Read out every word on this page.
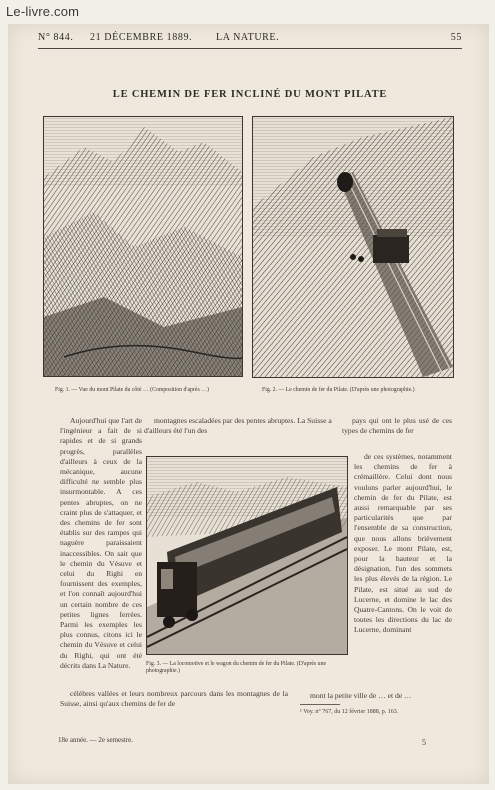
Le-livre.com
N° 844. 21 DÉCEMBRE 1889. LA NATURE.	55
LE CHEMIN DE FER INCLINÉ DU MONT PILATE
Fig. 1. — Vue du mont Pilate du côté … (Composition d'après …)	Fig. 2. — Le chemin de fer du Pilate. (D'après une photographie.)
Fig. 3. — La locomotive et le wagon du chemin de fer du Pilate. (D'après une photographie.)

Aujourd'hui que l'art de l'ingénieur a fait de si rapides et de si grands progrès, parallèles d'ailleurs à ceux de la mécanique, aucune difficulté ne semble plus insurmontable. A ces pentes abruptes, on ne craint plus de s'attaquer, et des chemins de fer sont établis sur des rampes qui naguère paraissaient inaccessibles. On sait que le chemin du Vésuve et celui du Righi en fournissent des exemples, et l'on connaît aujourd'hui un certain nombre de ces petites lignes ferrées. Parmi les exemples les plus connus, citons ici le chemin du Vésuve et celui du Righi, qui ont été décrits dans La Nature.

montagnes escaladées par des pentes abruptes. La Suisse a d'ailleurs été l'un des

pays qui ont le plus usé de ces types de chemins de fer

de ces systèmes, notamment les chemins de fer à crémaillère. Celui dont nous voulons parler aujourd'hui, le chemin de fer du Pilate, est aussi remarquable par ses particularités que par l'ensemble de sa construction, que nous allons brièvement exposer. Le mont Pilate, est, pour la hauteur et la désignation, l'un des sommets les plus élevés de la région. Le Pilate, est situé au sud de Lucerne, et domine le lac des Quatre-Cantons. On le voit de toutes les directions du lac de Lucerne, dominant

célèbres vallées et leurs nombreux parcours dans les montagnes de la Suisse, ainsi qu'aux chemins de fer de

mont la petite ville de … et de …

¹ Voy. n° 767, du 12 février 1888, p. 163.
18e année. — 2e semestre.	5
